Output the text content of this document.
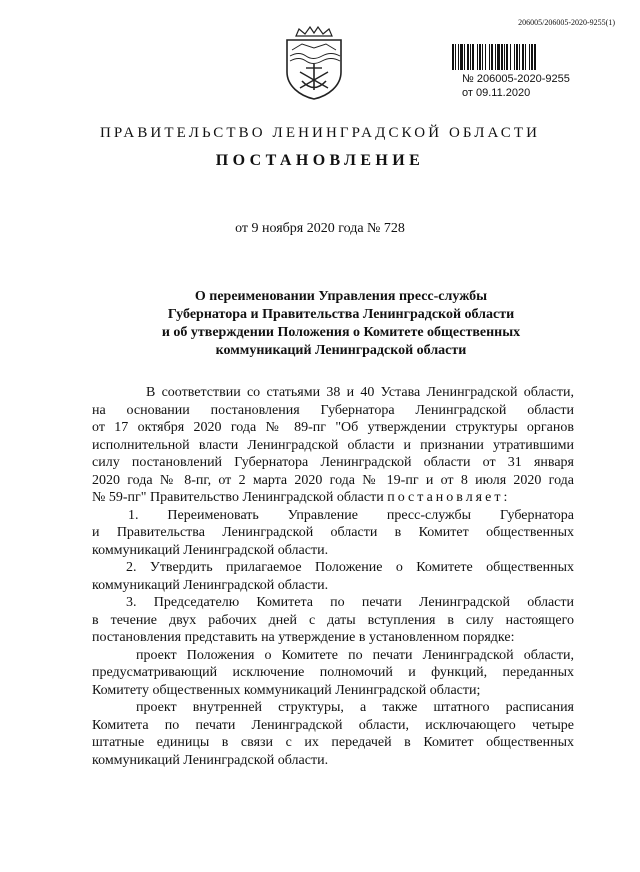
206005/206005-2020-9255(1)
№ 206005-2020-9255
от 09.11.2020
ПРАВИТЕЛЬСТВО ЛЕНИНГРАДСКОЙ ОБЛАСТИ
ПОСТАНОВЛЕНИЕ
от 9 ноября 2020 года № 728
О переименовании Управления пресс-службы
Губернатора и Правительства Ленинградской области
и об утверждении Положения о Комитете общественных
коммуникаций Ленинградской области
В соответствии со статьями 38 и 40 Устава Ленинградской области,
на основании постановления Губернатора Ленинградской области
от 17 октября 2020 года № 89-пг "Об утверждении структуры органов
исполнительной власти Ленинградской области и признании утратившими
силу постановлений Губернатора Ленинградской области от 31 января
2020 года № 8-пг, от 2 марта 2020 года № 19-пг и от 8 июля 2020 года
№ 59-пг" Правительство Ленинградской области постановляет:
1. Переименовать Управление пресс-службы Губернатора
и Правительства Ленинградской области в Комитет общественных
коммуникаций Ленинградской области.
2. Утвердить прилагаемое Положение о Комитете общественных
коммуникаций Ленинградской области.
3. Председателю Комитета по печати Ленинградской области
в течение двух рабочих дней с даты вступления в силу настоящего
постановления представить на утверждение в установленном порядке:
проект Положения о Комитете по печати Ленинградской области,
предусматривающий исключение полномочий и функций, переданных
Комитету общественных коммуникаций Ленинградской области;
проект внутренней структуры, а также штатного расписания
Комитета по печати Ленинградской области, исключающего четыре
штатные единицы в связи с их передачей в Комитет общественных
коммуникаций Ленинградской области.
